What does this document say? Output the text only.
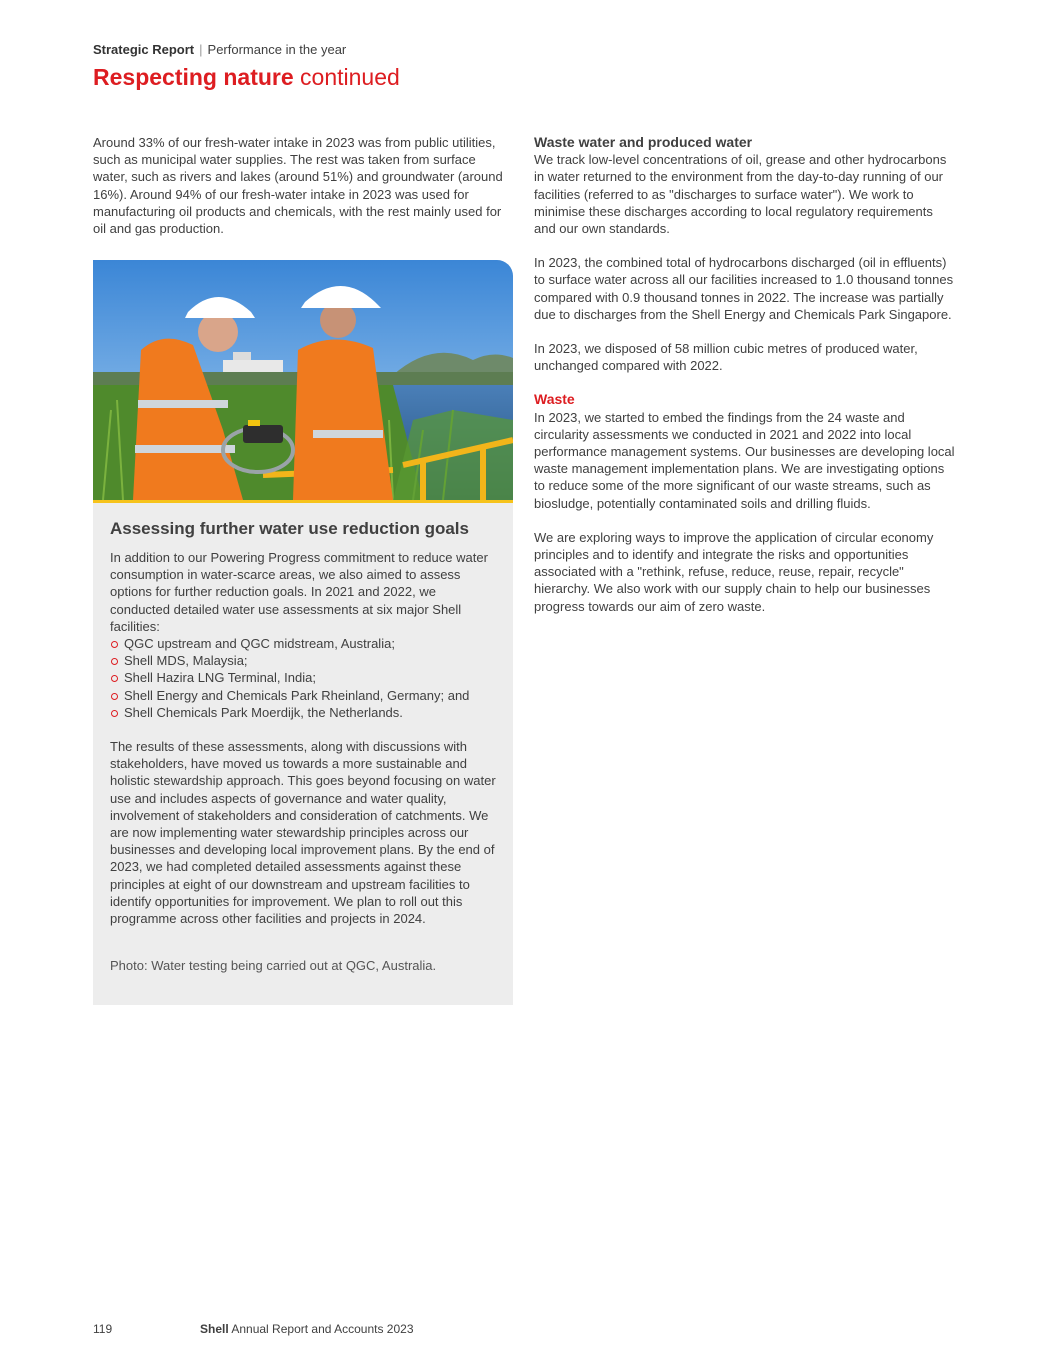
Strategic Report | Performance in the year
Respecting nature continued

Around 33% of our fresh-water intake in 2023 was from public utilities, such as municipal water supplies. The rest was taken from surface water, such as rivers and lakes (around 51%) and groundwater (around 16%). Around 94% of our fresh-water intake in 2023 was used for manufacturing oil products and chemicals, with the rest mainly used for oil and gas production.

Assessing further water use reduction goals

In addition to our Powering Progress commitment to reduce water consumption in water-scarce areas, we also aimed to assess options for further reduction goals. In 2021 and 2022, we conducted detailed water use assessments at six major Shell facilities:

QGC upstream and QGC midstream, Australia;
Shell MDS, Malaysia;
Shell Hazira LNG Terminal, India;
Shell Energy and Chemicals Park Rheinland, Germany; and
Shell Chemicals Park Moerdijk, the Netherlands.

The results of these assessments, along with discussions with stakeholders, have moved us towards a more sustainable and holistic stewardship approach. This goes beyond focusing on water use and includes aspects of governance and water quality, involvement of stakeholders and consideration of catchments. We are now implementing water stewardship principles across our businesses and developing local improvement plans. By the end of 2023, we had completed detailed assessments against these principles at eight of our downstream and upstream facilities to identify opportunities for improvement. We plan to roll out this programme across other facilities and projects in 2024.

Photo: Water testing being carried out at QGC, Australia.

Waste water and produced water

We track low-level concentrations of oil, grease and other hydrocarbons in water returned to the environment from the day-to-day running of our facilities (referred to as "discharges to surface water"). We work to minimise these discharges according to local regulatory requirements and our own standards.

In 2023, the combined total of hydrocarbons discharged (oil in effluents) to surface water across all our facilities increased to 1.0 thousand tonnes compared with 0.9 thousand tonnes in 2022. The increase was partially due to discharges from the Shell Energy and Chemicals Park Singapore.

In 2023, we disposed of 58 million cubic metres of produced water, unchanged compared with 2022.

Waste

In 2023, we started to embed the findings from the 24 waste and circularity assessments we conducted in 2021 and 2022 into local performance management systems. Our businesses are developing local waste management implementation plans. We are investigating options to reduce some of the more significant of our waste streams, such as biosludge, potentially contaminated soils and drilling fluids.

We are exploring ways to improve the application of circular economy principles and to identify and integrate the risks and opportunities associated with a "rethink, refuse, reduce, reuse, repair, recycle" hierarchy. We also work with our supply chain to help our businesses progress towards our aim of zero waste.

119	Shell Annual Report and Accounts 2023
